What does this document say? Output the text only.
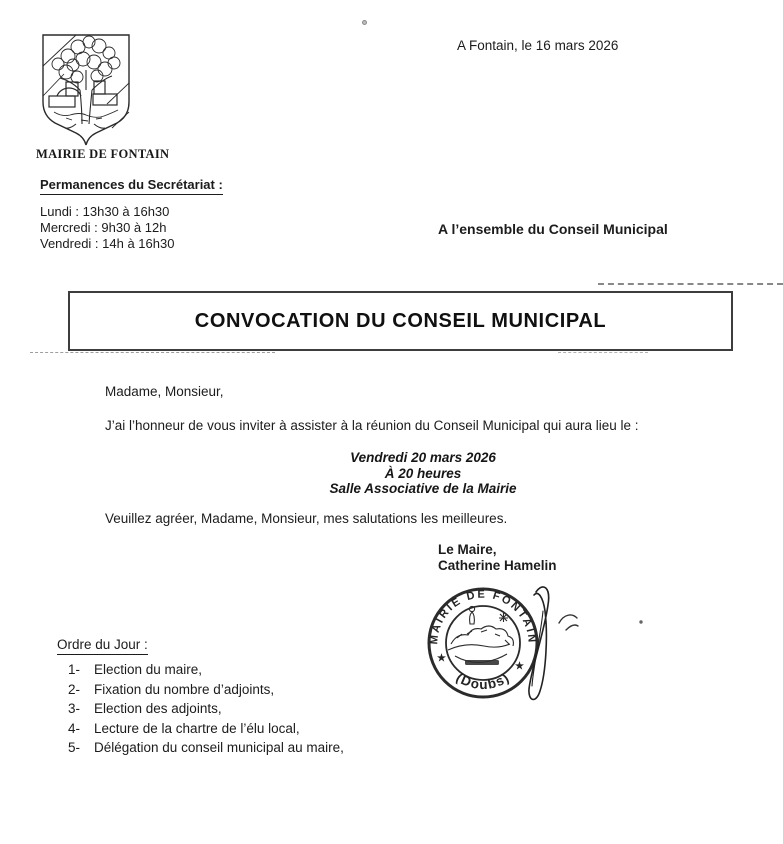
MAIRIE DE FONTAIN
A Fontain, le 16 mars 2026
Permanences du Secrétariat :
Lundi : 13h30 à 16h30
Mercredi : 9h30 à 12h
Vendredi : 14h à 16h30
A l’ensemble du Conseil Municipal
CONVOCATION DU CONSEIL MUNICIPAL
Madame, Monsieur,
J’ai l’honneur de vous inviter à assister à la réunion du Conseil Municipal qui aura lieu le :
Vendredi 20 mars 2026
À 20 heures
Salle Associative de la Mairie
Veuillez agréer, Madame, Monsieur, mes salutations les meilleures.
Le Maire,
Catherine Hamelin
MAIRIE DE FONTAIN
(Doubs)
★
★
Ordre du Jour :
1-	Election du maire,
2-	Fixation du nombre d’adjoints,
3-	Election des adjoints,
4-	Lecture de la chartre de l’élu local,
5-	Délégation du conseil municipal au maire,
